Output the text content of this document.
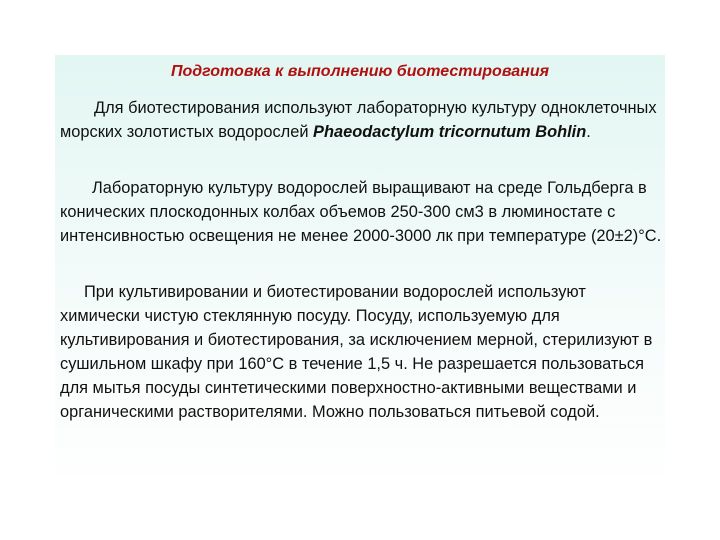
Подготовка к выполнению биотестирования

Для биотестирования используют лабораторную культуру одноклеточных морских золотистых водорослей Phaeodactylum tricornutum Bohlin.

Лабораторную культуру водорослей выращивают на среде Гольдберга в конических плоскодонных колбах объемов 250-300 см3 в люминостате с интенсивностью освещения не менее 2000-3000 лк при температуре (20±2)°С.

При культивировании и биотестировании водорослей используют химически чистую стеклянную посуду. Посуду, используемую для культивирования и биотестирования, за исключением мерной, стерилизуют в сушильном шкафу при 160°С в течение 1,5 ч. Не разрешается пользоваться для мытья посуды синтетическими поверхностно-активными веществами и органическими растворителями. Можно пользоваться питьевой содой.
